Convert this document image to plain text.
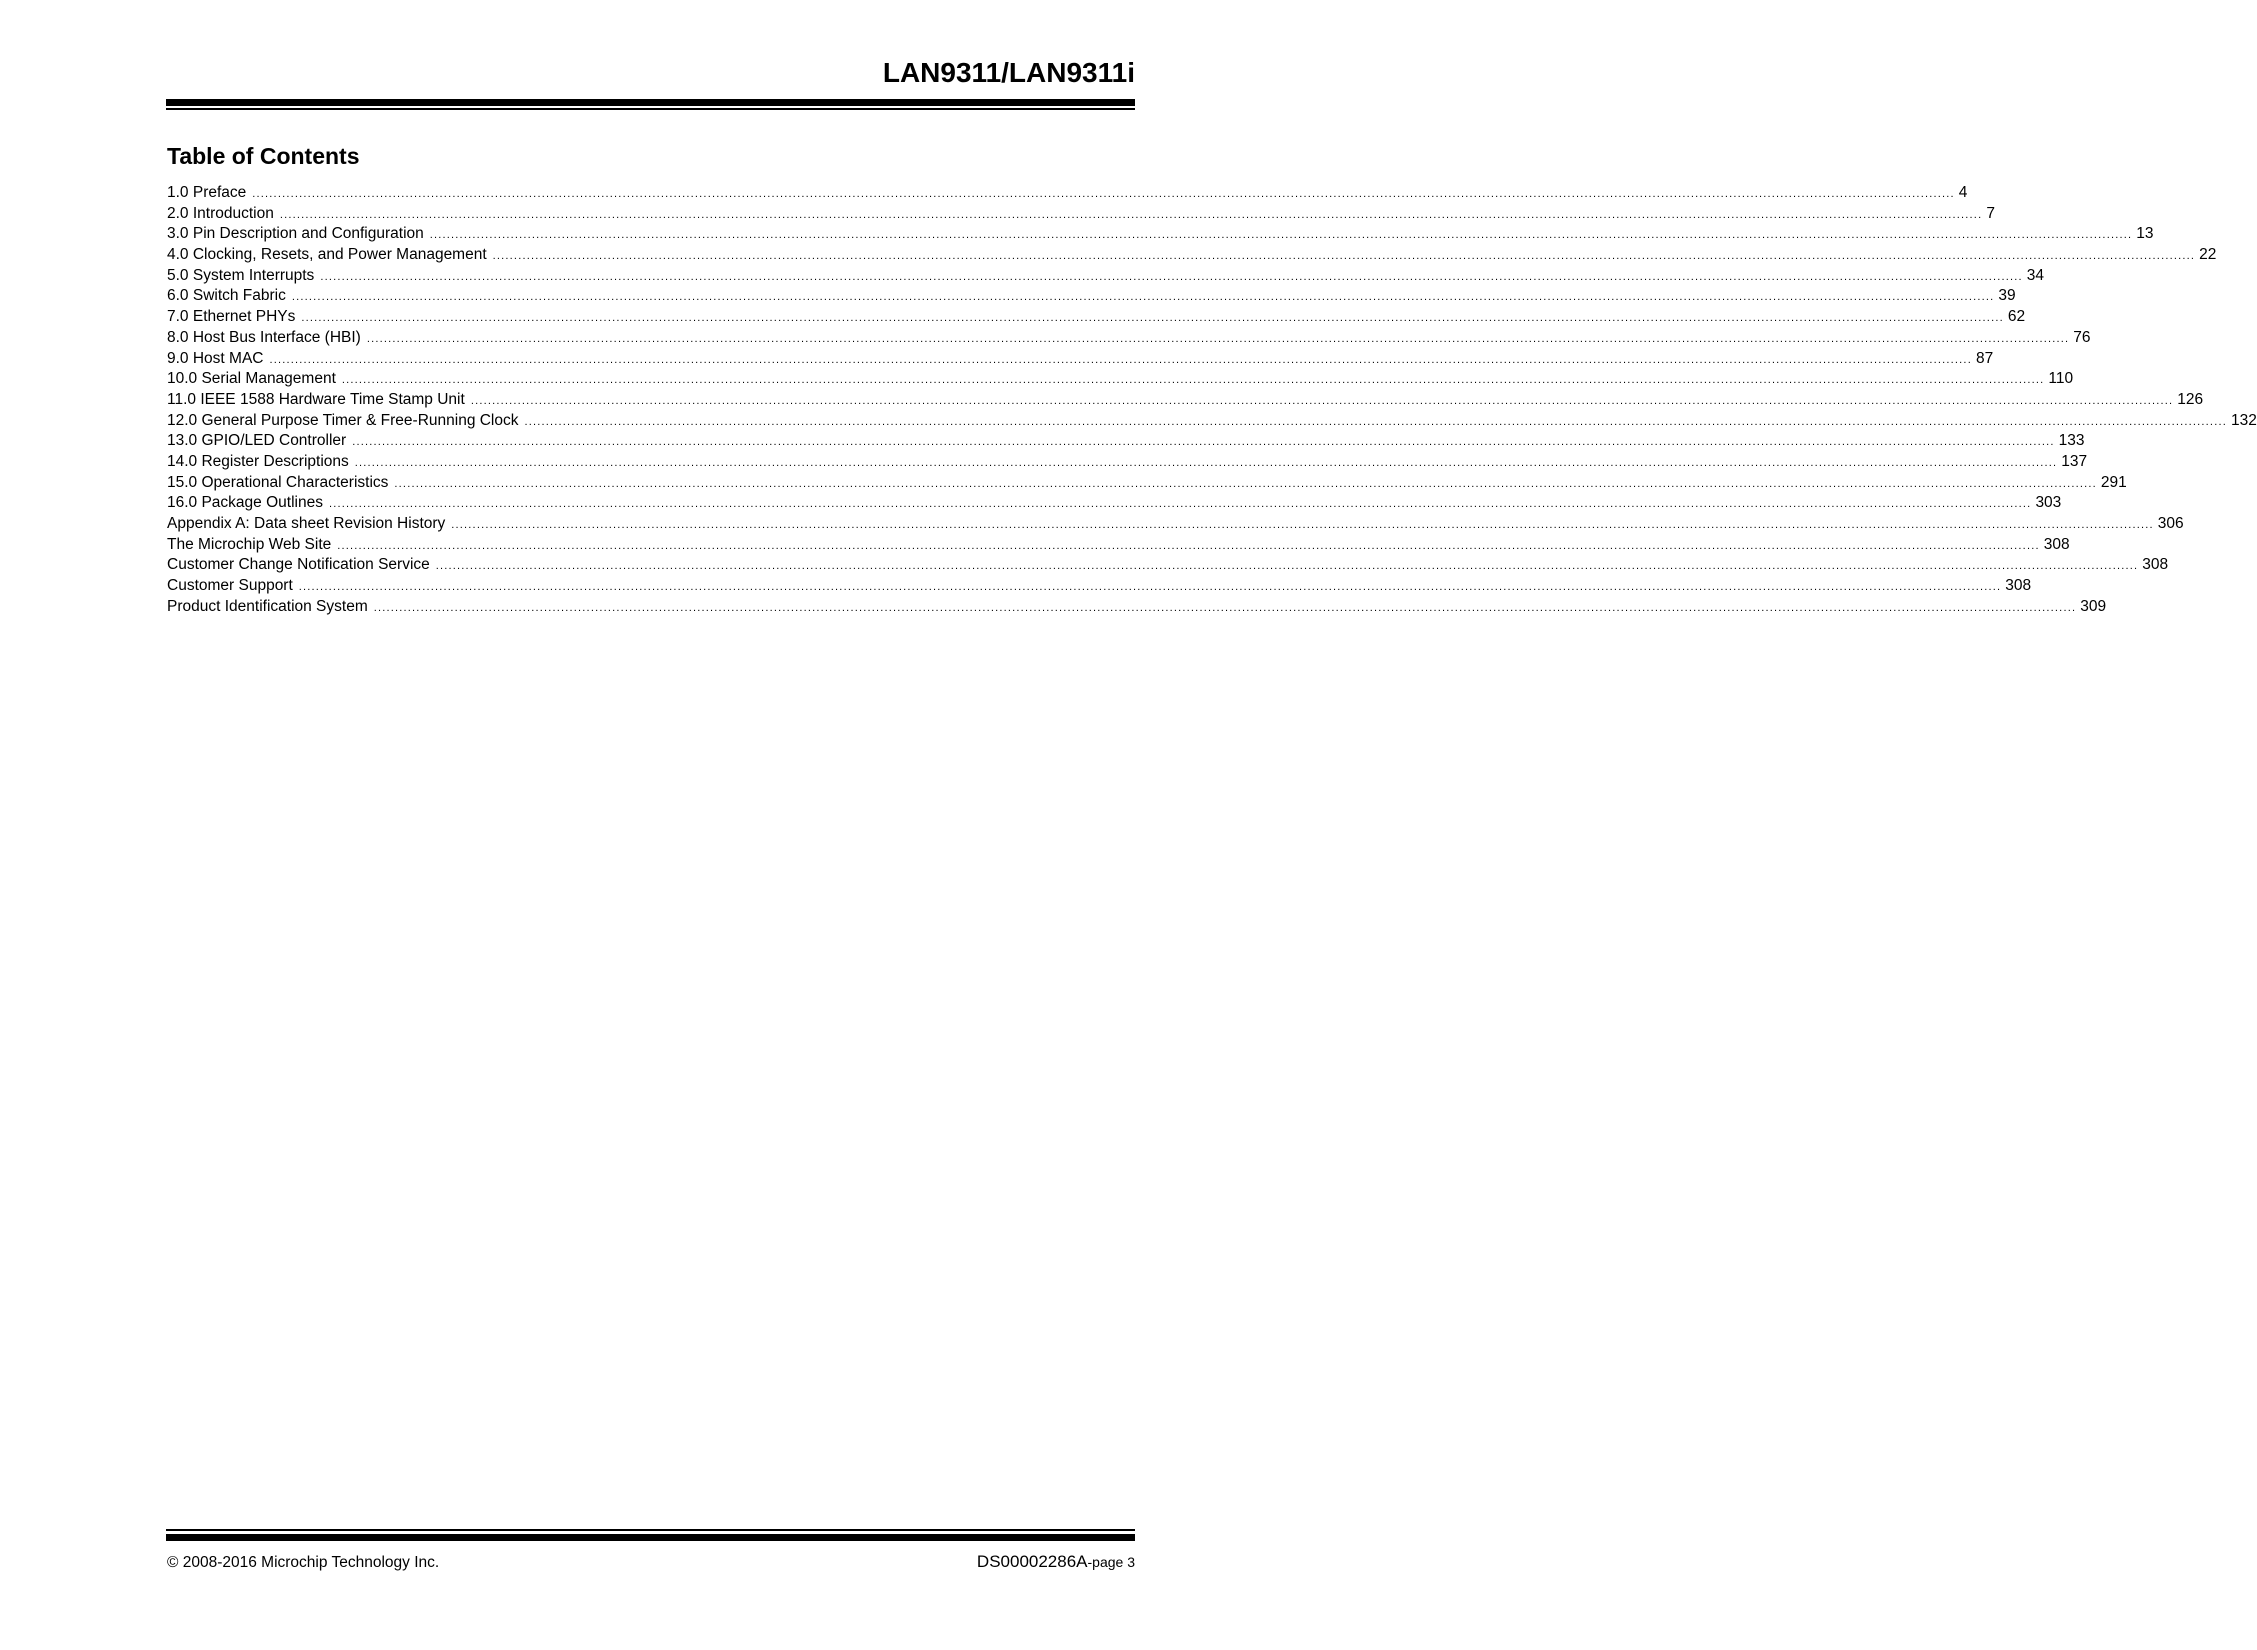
LAN9311/LAN9311i
Table of Contents
1.0 Preface ................................................................................................................................................................................................................................................................................................................................................................................................................ 4
2.0 Introduction ................................................................................................................................................................................................................................................................................................................................................................................................................ 7
3.0 Pin Description and Configuration ................................................................................................................................................................................................................................................................................................................................................................................................................ 13
4.0 Clocking, Resets, and Power Management ................................................................................................................................................................................................................................................................................................................................................................................................................ 22
5.0 System Interrupts ................................................................................................................................................................................................................................................................................................................................................................................................................ 34
6.0 Switch Fabric ................................................................................................................................................................................................................................................................................................................................................................................................................ 39
7.0 Ethernet PHYs ................................................................................................................................................................................................................................................................................................................................................................................................................ 62
8.0 Host Bus Interface (HBI) ................................................................................................................................................................................................................................................................................................................................................................................................................ 76
9.0 Host MAC ................................................................................................................................................................................................................................................................................................................................................................................................................ 87
10.0 Serial Management ................................................................................................................................................................................................................................................................................................................................................................................................................ 110
11.0 IEEE 1588 Hardware Time Stamp Unit ................................................................................................................................................................................................................................................................................................................................................................................................................ 126
12.0 General Purpose Timer & Free-Running Clock ................................................................................................................................................................................................................................................................................................................................................................................................................ 132
13.0 GPIO/LED Controller ................................................................................................................................................................................................................................................................................................................................................................................................................ 133
14.0 Register Descriptions ................................................................................................................................................................................................................................................................................................................................................................................................................ 137
15.0 Operational Characteristics ................................................................................................................................................................................................................................................................................................................................................................................................................ 291
16.0 Package Outlines ................................................................................................................................................................................................................................................................................................................................................................................................................ 303
Appendix A: Data sheet Revision History ................................................................................................................................................................................................................................................................................................................................................................................................................ 306
The Microchip Web Site ................................................................................................................................................................................................................................................................................................................................................................................................................ 308
Customer Change Notification Service ................................................................................................................................................................................................................................................................................................................................................................................................................ 308
Customer Support ................................................................................................................................................................................................................................................................................................................................................................................................................ 308
Product Identification System ................................................................................................................................................................................................................................................................................................................................................................................................................ 309
© 2008-2016 Microchip Technology Inc.	DS00002286A-page 3
